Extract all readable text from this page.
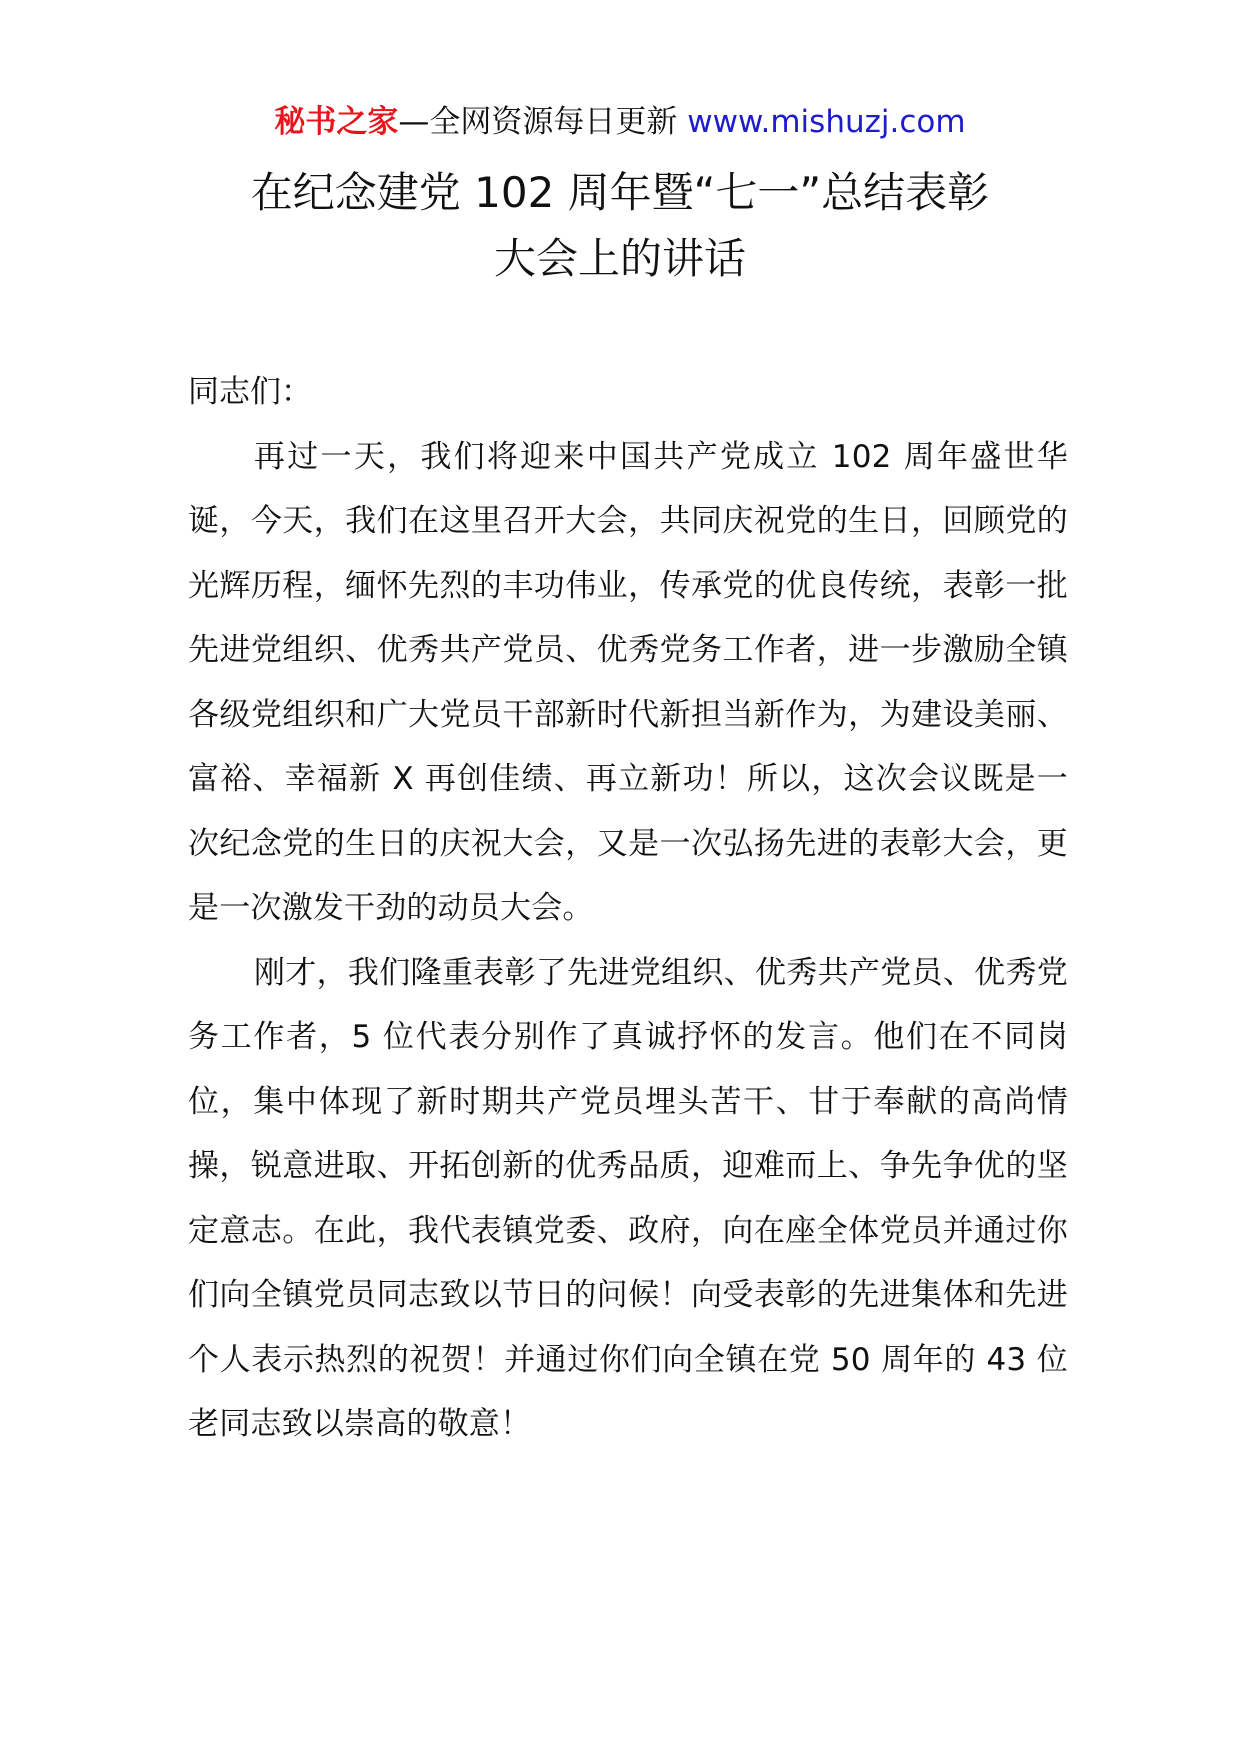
秘书之家—全网资源每日更新 www.mishuzj.com
在纪念建党 102 周年暨“七一”总结表彰
大会上的讲话

同志们：

再过一天，我们将迎来中国共产党成立 102 周年盛世华诞，今天，我们在这里召开大会，共同庆祝党的生日，回顾党的光辉历程，缅怀先烈的丰功伟业，传承党的优良传统，表彰一批先进党组织、优秀共产党员、优秀党务工作者，进一步激励全镇各级党组织和广大党员干部新时代新担当新作为，为建设美丽、富裕、幸福新 X 再创佳绩、再立新功！所以，这次会议既是一次纪念党的生日的庆祝大会，又是一次弘扬先进的表彰大会，更是一次激发干劲的动员大会。

刚才，我们隆重表彰了先进党组织、优秀共产党员、优秀党务工作者，5 位代表分别作了真诚抒怀的发言。他们在不同岗位，集中体现了新时期共产党员埋头苦干、甘于奉献的高尚情操，锐意进取、开拓创新的优秀品质，迎难而上、争先争优的坚定意志。在此，我代表镇党委、政府，向在座全体党员并通过你们向全镇党员同志致以节日的问候！向受表彰的先进集体和先进个人表示热烈的祝贺！并通过你们向全镇在党 50 周年的 43 位老同志致以崇高的敬意！
